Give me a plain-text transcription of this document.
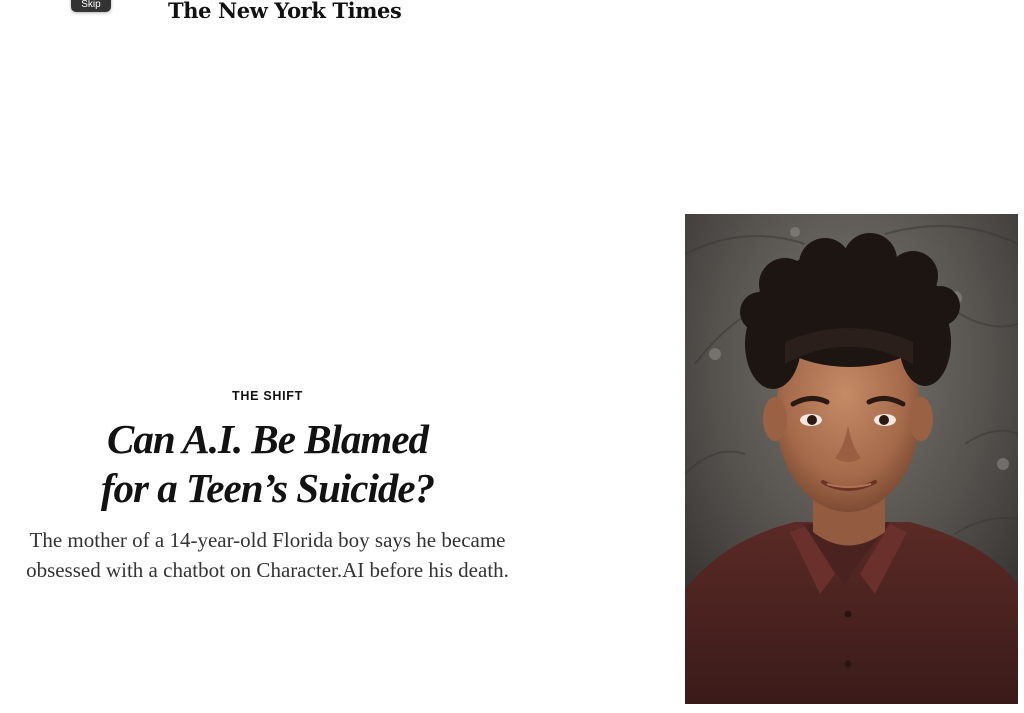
Skip	The New York Times

THE SHIFT

Can A.I. Be Blamed
for a Teen’s Suicide?

The mother of a 14-year-old Florida boy says he became
obsessed with a chatbot on Character.AI before his death.
